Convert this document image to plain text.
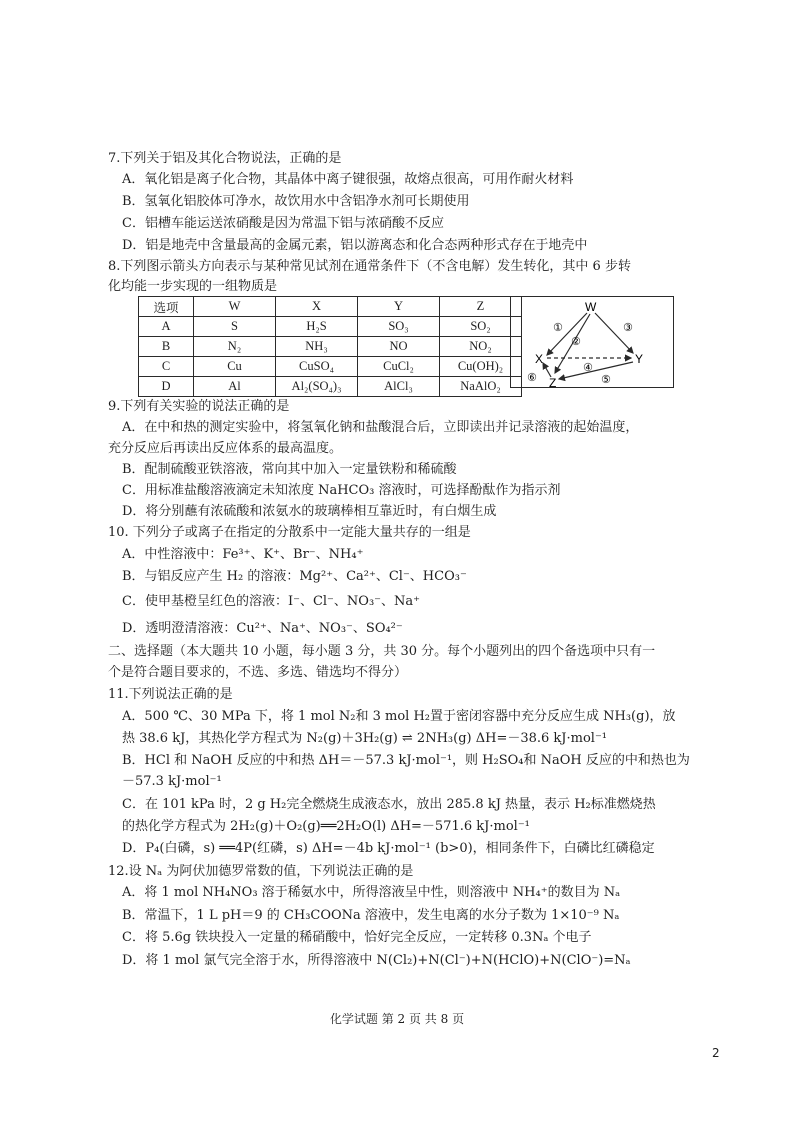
7.下列关于铝及其化合物说法，正确的是
A．氧化铝是离子化合物，其晶体中离子键很强，故熔点很高，可用作耐火材料
B．氢氧化铝胶体可净水，故饮用水中含铝净水剂可长期使用
C．铝槽车能运送浓硝酸是因为常温下铝与浓硝酸不反应
D．铝是地壳中含量最高的金属元素，铝以游离态和化合态两种形式存在于地壳中
8.下列图示箭头方向表示与某种常见试剂在通常条件下（不含电解）发生转化，其中 6 步转
化均能一步实现的一组物质是
选项	W	X	Y	Z
A	S	H₂S	SO₃	SO₂
B	N₂	NH₃	NO	NO₂
C	Cu	CuSO₄	CuCl₂	Cu(OH)₂
D	Al	Al₂(SO₄)₃	AlCl₃	NaAlO₂
W
X	Y
Z
①
②
③
④
⑤
⑥
9.下列有关实验的说法正确的是
A．在中和热的测定实验中，将氢氧化钠和盐酸混合后，立即读出并记录溶液的起始温度，
充分反应后再读出反应体系的最高温度。
B．配制硫酸亚铁溶液，常向其中加入一定量铁粉和稀硫酸
C．用标准盐酸溶液滴定未知浓度 NaHCO₃ 溶液时，可选择酚酞作为指示剂
D．将分别蘸有浓硫酸和浓氨水的玻璃棒相互靠近时，有白烟生成
10. 下列分子或离子在指定的分散系中一定能大量共存的一组是
A．中性溶液中：Fe³⁺、K⁺、Br⁻、NH₄⁺
B．与铝反应产生 H₂ 的溶液：Mg²⁺、Ca²⁺、Cl⁻、HCO₃⁻
C．使甲基橙呈红色的溶液：I⁻、Cl⁻、NO₃⁻、Na⁺
D．透明澄清溶液：Cu²⁺、Na⁺、NO₃⁻、SO₄²⁻
二、选择题（本大题共 10 小题，每小题 3 分，共 30 分。每个小题列出的四个备选项中只有一
个是符合题目要求的，不选、多选、错选均不得分）
11.下列说法正确的是
A．500 ℃、30 MPa 下，将 1 mol N₂和 3 mol H₂置于密闭容器中充分反应生成 NH₃(g)，放
热 38.6 kJ，其热化学方程式为 N₂(g)＋3H₂(g) ⇌ 2NH₃(g) ΔH=－38.6 kJ·mol⁻¹
B．HCl 和 NaOH 反应的中和热 ΔH＝－57.3 kJ·mol⁻¹，则 H₂SO₄和 NaOH 反应的中和热也为
－57.3 kJ·mol⁻¹
C．在 101 kPa 时，2 g H₂完全燃烧生成液态水，放出 285.8 kJ 热量，表示 H₂标准燃烧热
的热化学方程式为 2H₂(g)＋O₂(g)══2H₂O(l) ΔH=－571.6 kJ·mol⁻¹
D．P₄(白磷，s) ══4P(红磷，s) ΔH=－4b kJ·mol⁻¹ (b>0)，相同条件下，白磷比红磷稳定
12.设 Nₐ 为阿伏加德罗常数的值，下列说法正确的是
A．将 1 mol NH₄NO₃ 溶于稀氨水中，所得溶液呈中性，则溶液中 NH₄⁺的数目为 Nₐ
B．常温下，1 L pH＝9 的 CH₃COONa 溶液中，发生电离的水分子数为 1×10⁻⁹ Nₐ
C．将 5.6g 铁块投入一定量的稀硝酸中，恰好完全反应，一定转移 0.3Nₐ 个电子
D．将 1 mol 氯气完全溶于水，所得溶液中 N(Cl₂)+N(Cl⁻)+N(HClO)+N(ClO⁻)=Nₐ
化学试题 第 2 页 共 8 页
2
